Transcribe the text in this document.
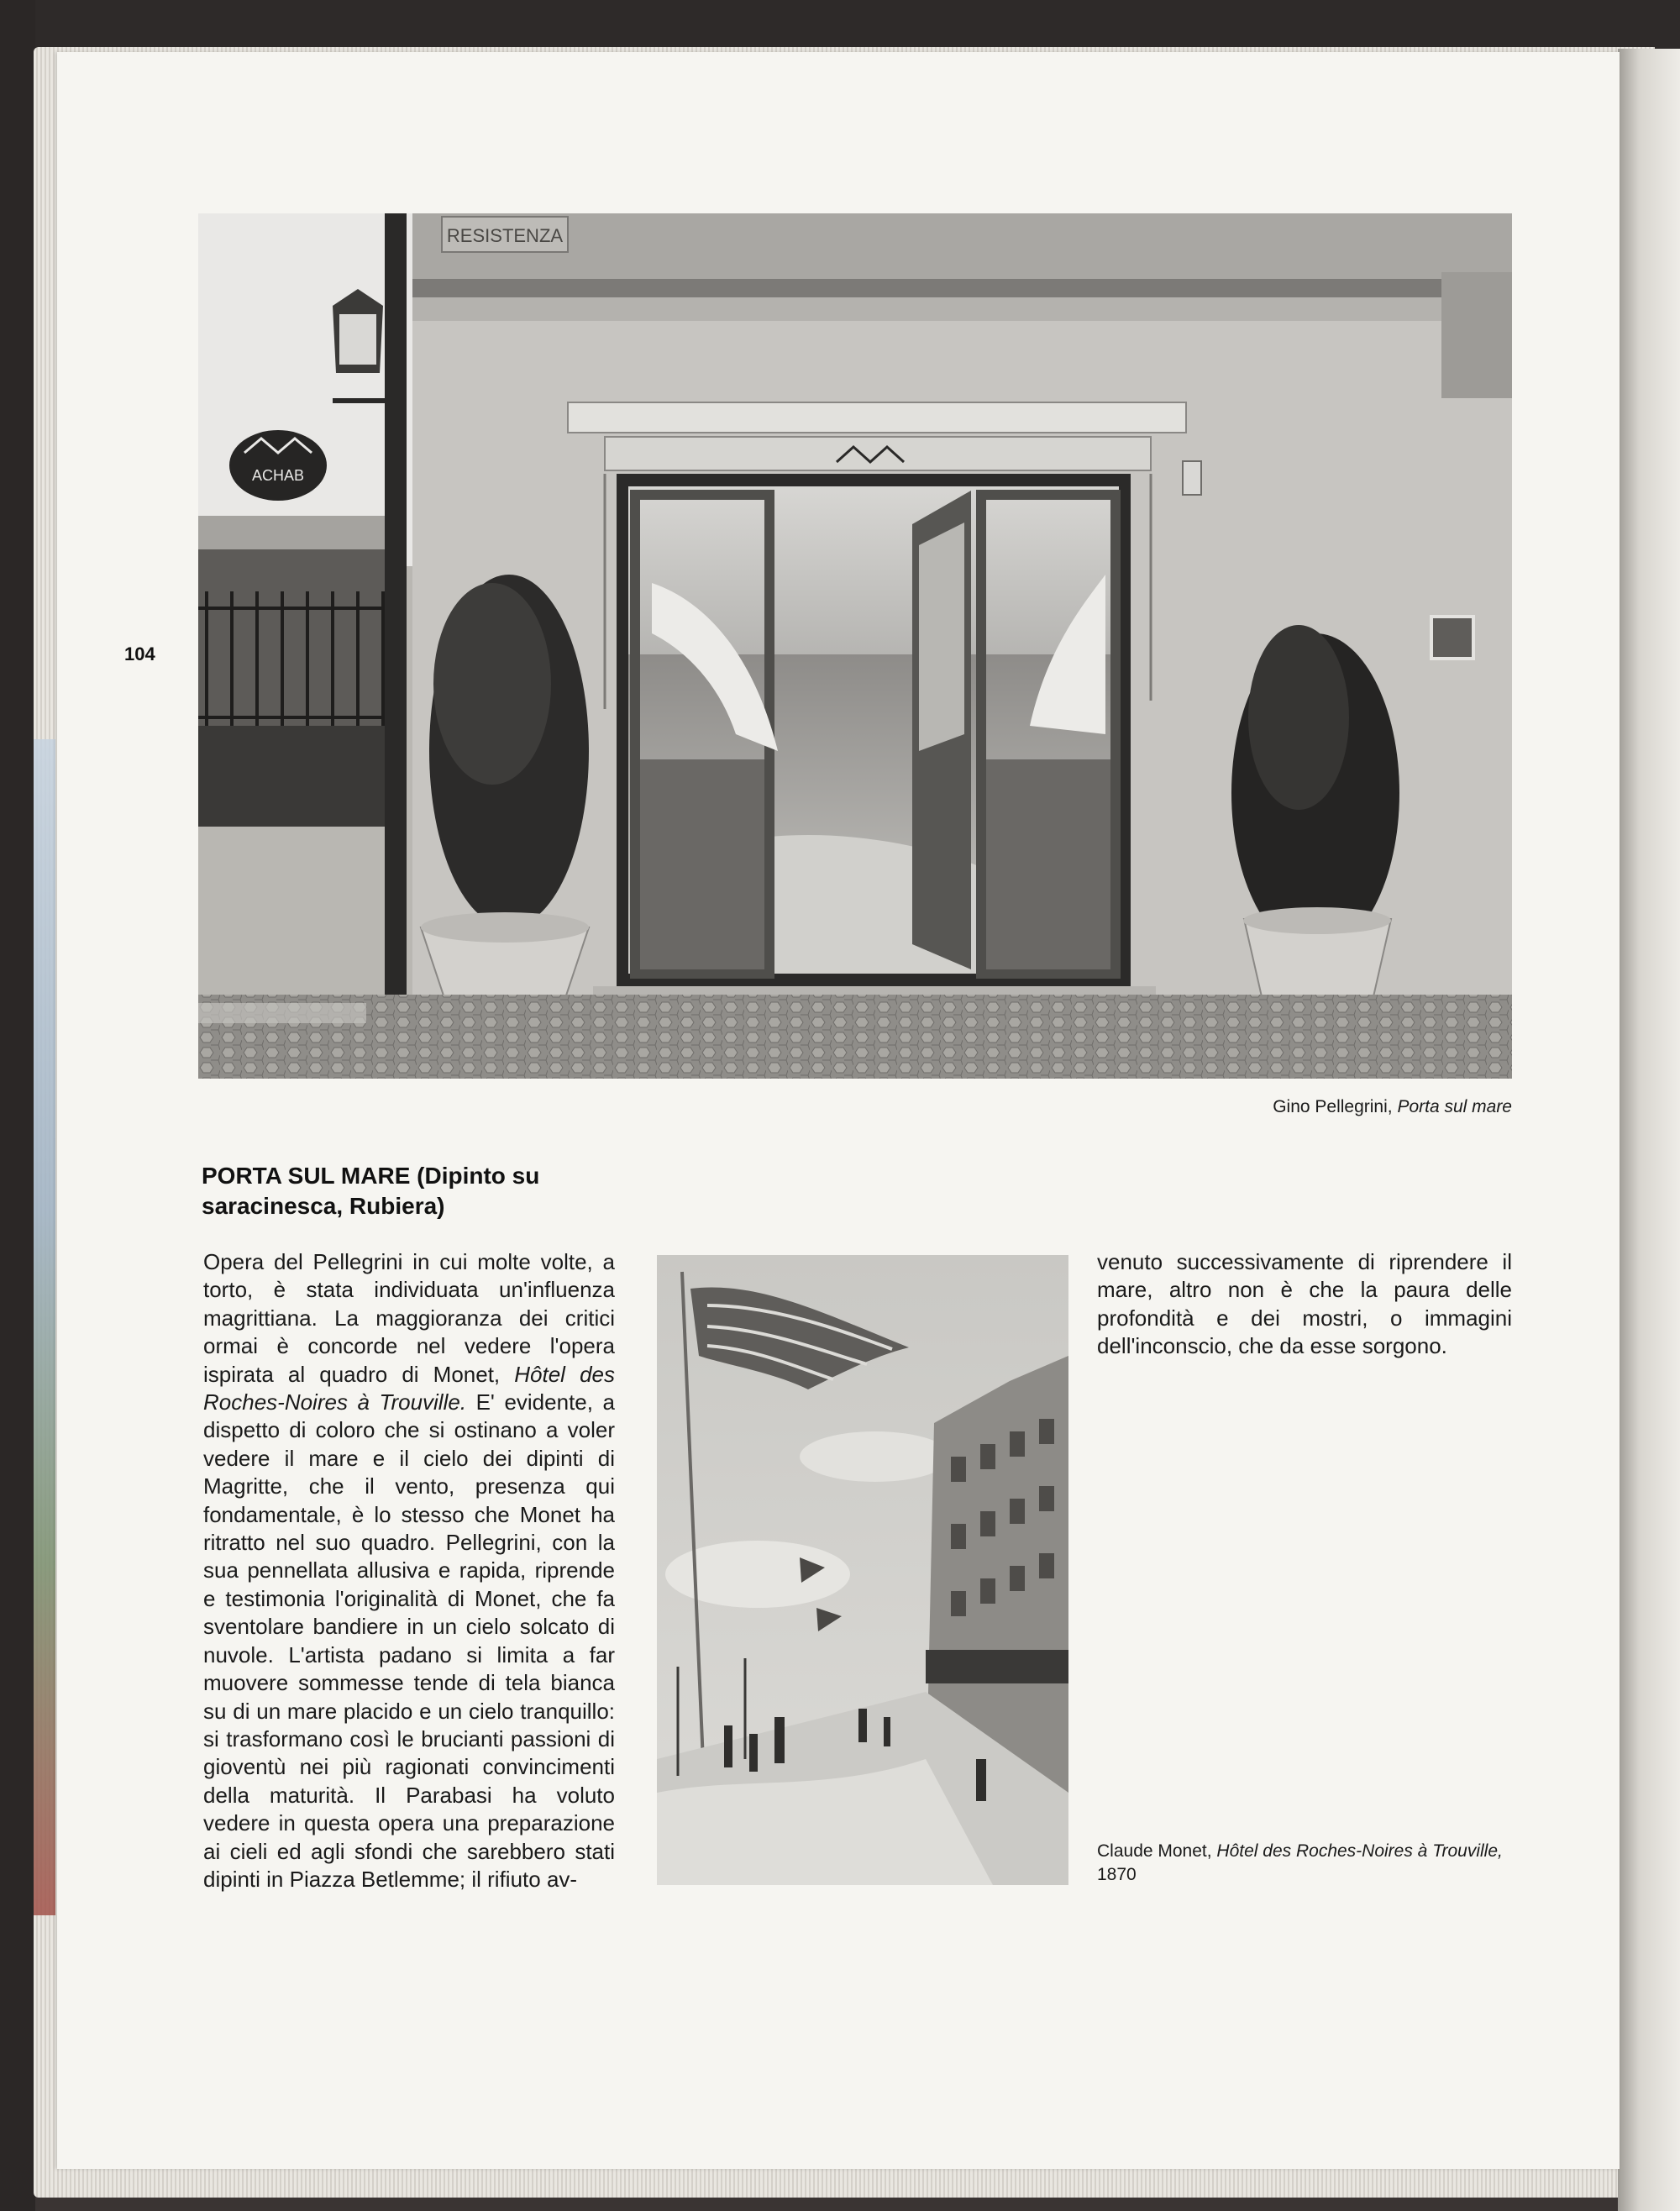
104
RESISTENZA
ACHAB
Gino Pellegrini, Porta sul mare
PORTA SUL MARE (Dipinto su saracinesca, Rubiera)

Opera del Pellegrini in cui molte volte, a torto, è stata individuata un'influenza magrittiana. La maggioranza dei critici ormai è concorde nel vedere l'opera ispirata al quadro di Monet, Hôtel des Roches-Noires à Trouville. E' evidente, a dispetto di coloro che si ostinano a voler vedere il mare e il cielo dei dipinti di Magritte, che il vento, presenza qui fondamentale, è lo stesso che Monet ha ritratto nel suo quadro. Pellegrini, con la sua pennellata allusiva e rapida, riprende e testimonia l'originalità di Monet, che fa sventolare bandiere in un cielo solcato di nuvole. L'artista padano si limita a far muovere sommesse tende di tela bianca su di un mare placido e un cielo tranquillo: si trasformano così le brucianti passioni di gioventù nei più ragionati convincimenti della maturità. Il Parabasi ha voluto vedere in questa opera una preparazione ai cieli ed agli sfondi che sarebbero stati dipinti in Piazza Betlemme; il rifiuto av-

venuto successivamente di riprendere il mare, altro non è che la paura delle profondità e dei mostri, o immagini dell'inconscio, che da esse sorgono.

Claude Monet, Hôtel des Roches-Noires à Trouville,
1870
